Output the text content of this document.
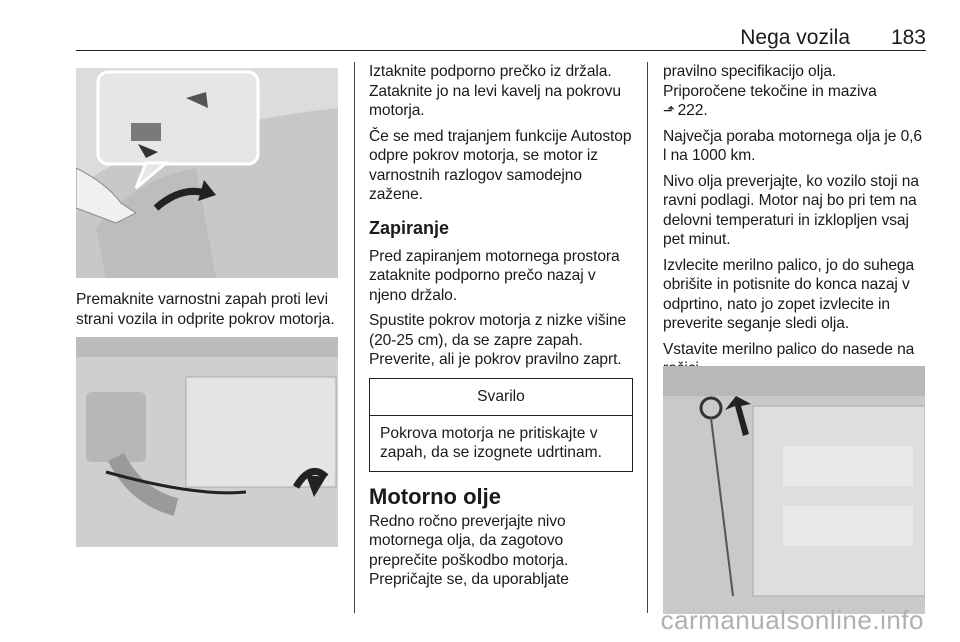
Nega vozila 183

Premaknite varnostni zapah proti levi strani vozila in odprite pokrov motorja.

Iztaknite podporno prečko iz držala. Zataknite jo na levi kavelj na pokrovu motorja.

Če se med trajanjem funkcije Autostop odpre pokrov motorja, se motor iz varnostnih razlogov samodejno zažene.

Zapiranje

Pred zapiranjem motornega prostora zataknite podporno prečo nazaj v njeno držalo.

Spustite pokrov motorja z nizke višine (20-25 cm), da se zapre zapah. Preverite, ali je pokrov pravilno zaprt.

Svarilo
Pokrova motorja ne pritiskajte v zapah, da se izognete udrtinam.
Motorno olje

Redno ročno preverjajte nivo motornega olja, da zagotovo preprečite poškodbo motorja. Prepričajte se, da uporabljate

pravilno specifikacijo olja.

Priporočene tekočine in maziva

⬏ 222.

Največja poraba motornega olja je 0,6 l na 1000 km.

Nivo olja preverjajte, ko vozilo stoji na ravni podlagi. Motor naj bo pri tem na delovni temperaturi in izklopljen vsaj pet minut.

Izvlecite merilno palico, jo do suhega obrišite in potisnite do konca nazaj v odprtino, nato jo zopet izvlecite in preverite seganje sledi olja.

Vstavite merilno palico do nasede na

carmanualsonline.info
